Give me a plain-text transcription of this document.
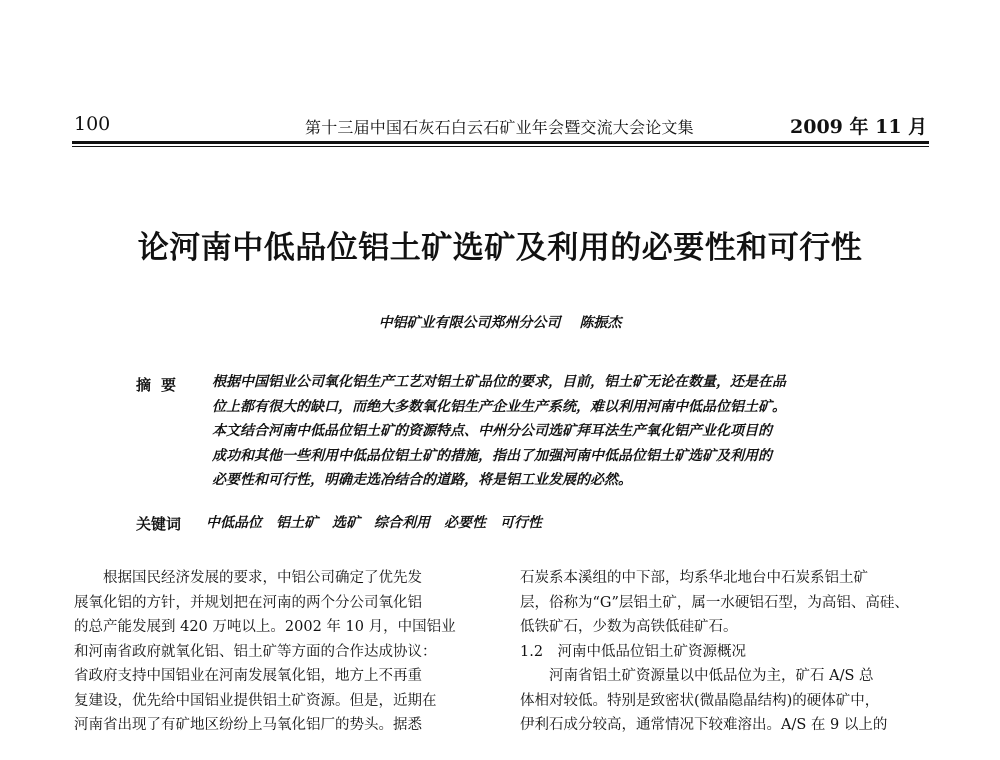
100	第十三届中国石灰石白云石矿业年会暨交流大会论文集	2009 年 11 月
论河南中低品位铝土矿选矿及利用的必要性和可行性
中铝矿业有限公司郑州分公司 陈振杰
摘要 根据中国铝业公司氧化铝生产工艺对铝土矿品位的要求，目前，铝土矿无论在数量，还是在品
位上都有很大的缺口，而绝大多数氧化铝生产企业生产系统，难以利用河南中低品位铝土矿。
本文结合河南中低品位铝土矿的资源特点、中州分公司选矿拜耳法生产氧化铝产业化项目的
成功和其他一些利用中低品位铝土矿的措施，指出了加强河南中低品位铝土矿选矿及利用的
必要性和可行性，明确走选冶结合的道路，将是铝工业发展的必然。
关键词 中低品位 铝土矿 选矿 综合利用 必要性 可行性
根据国民经济发展的要求，中铝公司确定了优先发
展氧化铝的方针，并规划把在河南的两个分公司氧化铝
的总产能发展到 420 万吨以上。2002 年 10 月，中国铝业
和河南省政府就氧化铝、铝土矿等方面的合作达成协议：
省政府支持中国铝业在河南发展氧化铝，地方上不再重
复建设，优先给中国铝业提供铝土矿资源。但是，近期在
河南省出现了有矿地区纷纷上马氧化铝厂的势头。据悉
石炭系本溪组的中下部，均系华北地台中石炭系铝土矿
层，俗称为“G”层铝土矿，属一水硬铝石型，为高铝、高硅、
低铁矿石，少数为高铁低硅矿石。
1.2　河南中低品位铝土矿资源概况
河南省铝土矿资源量以中低品位为主，矿石 A/S 总
体相对较低。特别是致密状(微晶隐晶结构)的硬体矿中，
伊利石成分较高，通常情况下较难溶出。A/S 在 9 以上的
